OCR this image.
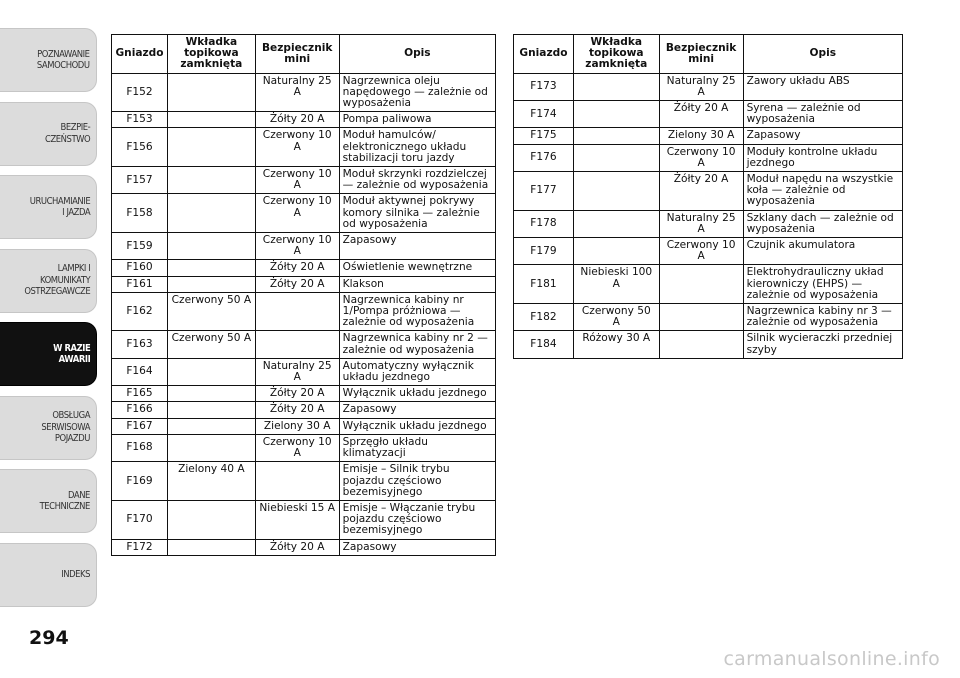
POZNAWANIE
SAMOCHODU
BEZPIE-
CZEŃSTWO
URUCHAMIANIE
I JAZDA
LAMPKI I
KOMUNIKATY
OSTRZEGAWCZE
W RAZIE
AWARII
OBSŁUGA
SERWISOWA
POJAZDU
DANE
TECHNICZNE
INDEKS
294
Gniazdo	Wkładka topikowa zamknięta	Bezpiecznik mini	Opis
F152		Naturalny 25 A	Nagrzewnica oleju napędowego — zależnie od wyposażenia
F153		Żółty 20 A	Pompa paliwowa
F156		Czerwony 10 A	Moduł hamulców/ elektronicznego układu stabilizacji toru jazdy
F157		Czerwony 10 A	Moduł skrzynki rozdzielczej — zależnie od wyposażenia
F158		Czerwony 10 A	Moduł aktywnej pokrywy komory silnika — zależnie od wyposażenia
F159		Czerwony 10 A	Zapasowy
F160		Żółty 20 A	Oświetlenie wewnętrzne
F161		Żółty 20 A	Klakson
F162	Czerwony 50 A		Nagrzewnica kabiny nr 1/Pompa próżniowa — zależnie od wyposażenia
F163	Czerwony 50 A		Nagrzewnica kabiny nr 2 — zależnie od wyposażenia
F164		Naturalny 25 A	Automatyczny wyłącznik układu jezdnego
F165		Żółty 20 A	Wyłącznik układu jezdnego
F166		Żółty 20 A	Zapasowy
F167		Zielony 30 A	Wyłącznik układu jezdnego
F168		Czerwony 10 A	Sprzęgło układu klimatyzacji
F169	Zielony 40 A		Emisje – Silnik trybu pojazdu częściowo bezemisyjnego
F170		Niebieski 15 A	Emisje – Włączanie trybu pojazdu częściowo bezemisyjnego
F172		Żółty 20 A	Zapasowy
Gniazdo	Wkładka topikowa zamknięta	Bezpiecznik mini	Opis
F173		Naturalny 25 A	Zawory układu ABS
F174		Żółty 20 A	Syrena — zależnie od wyposażenia
F175		Zielony 30 A	Zapasowy
F176		Czerwony 10 A	Moduły kontrolne układu jezdnego
F177		Żółty 20 A	Moduł napędu na wszystkie koła — zależnie od wyposażenia
F178		Naturalny 25 A	Szklany dach — zależnie od wyposażenia
F179		Czerwony 10 A	Czujnik akumulatora
F181	Niebieski 100 A		Elektrohydrauliczny układ kierowniczy (EHPS) — zależnie od wyposażenia
F182	Czerwony 50 A		Nagrzewnica kabiny nr 3 — zależnie od wyposażenia
F184	Różowy 30 A		Silnik wycieraczki przedniej szyby
carmanualsonline.info
